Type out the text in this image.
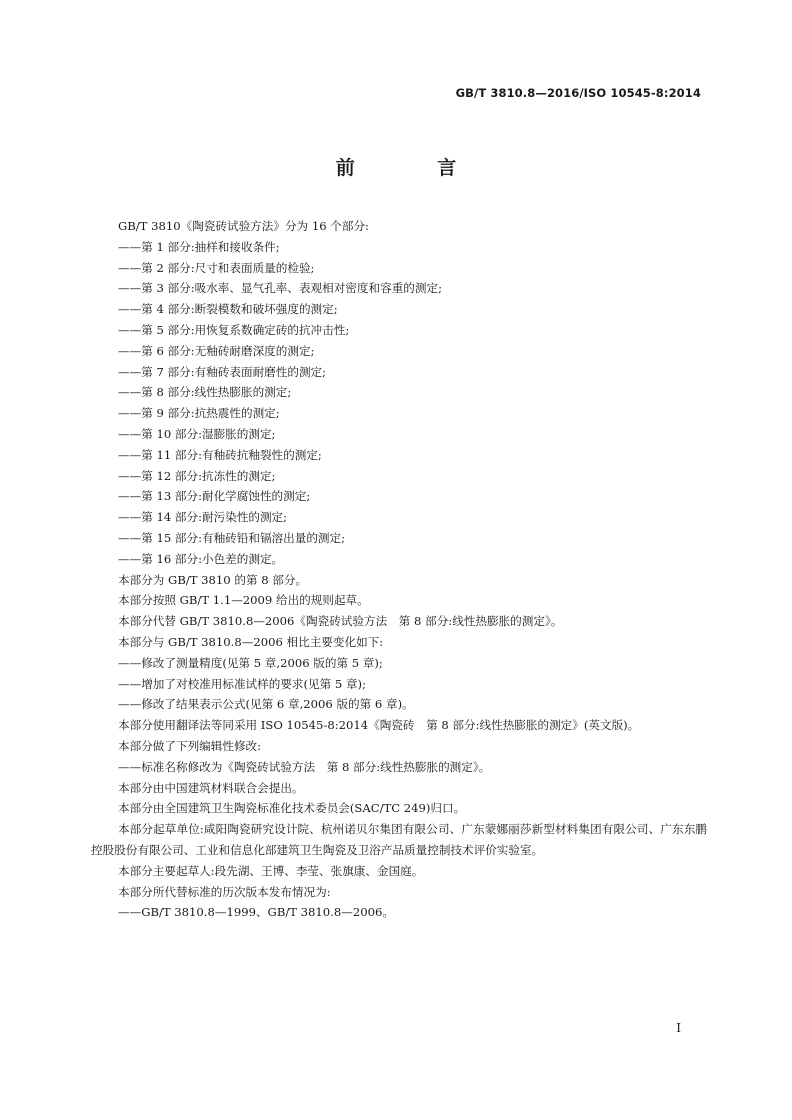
GB/T 3810.8—2016/ISO 10545-8:2014
前 言

GB/T 3810《陶瓷砖试验方法》分为 16 个部分:

——第 1 部分:抽样和接收条件;

——第 2 部分:尺寸和表面质量的检验;

——第 3 部分:吸水率、显气孔率、表观相对密度和容重的测定;

——第 4 部分:断裂模数和破坏强度的测定;

——第 5 部分:用恢复系数确定砖的抗冲击性;

——第 6 部分:无釉砖耐磨深度的测定;

——第 7 部分:有釉砖表面耐磨性的测定;

——第 8 部分:线性热膨胀的测定;

——第 9 部分:抗热震性的测定;

——第 10 部分:湿膨胀的测定;

——第 11 部分:有釉砖抗釉裂性的测定;

——第 12 部分:抗冻性的测定;

——第 13 部分:耐化学腐蚀性的测定;

——第 14 部分:耐污染性的测定;

——第 15 部分:有釉砖铅和镉溶出量的测定;

——第 16 部分:小色差的测定。

本部分为 GB/T 3810 的第 8 部分。

本部分按照 GB/T 1.1—2009 给出的规则起草。

本部分代替 GB/T 3810.8—2006《陶瓷砖试验方法　第 8 部分:线性热膨胀的测定》。

本部分与 GB/T 3810.8—2006 相比主要变化如下:

——修改了测量精度(见第 5 章,2006 版的第 5 章);

——增加了对校准用标准试样的要求(见第 5 章);

——修改了结果表示公式(见第 6 章,2006 版的第 6 章)。

本部分使用翻译法等同采用 ISO 10545-8:2014《陶瓷砖　第 8 部分:线性热膨胀的测定》(英文版)。

本部分做了下列编辑性修改:

——标准名称修改为《陶瓷砖试验方法　第 8 部分:线性热膨胀的测定》。

本部分由中国建筑材料联合会提出。

本部分由全国建筑卫生陶瓷标准化技术委员会(SAC/TC 249)归口。

本部分起草单位:咸阳陶瓷研究设计院、杭州诺贝尔集团有限公司、广东蒙娜丽莎新型材料集团有限公司、广东东鹏控股股份有限公司、工业和信息化部建筑卫生陶瓷及卫浴产品质量控制技术评价实验室。

本部分主要起草人:段先湖、王博、李莹、张旗康、金国庭。

本部分所代替标准的历次版本发布情况为:

——GB/T 3810.8—1999、GB/T 3810.8—2006。

I
